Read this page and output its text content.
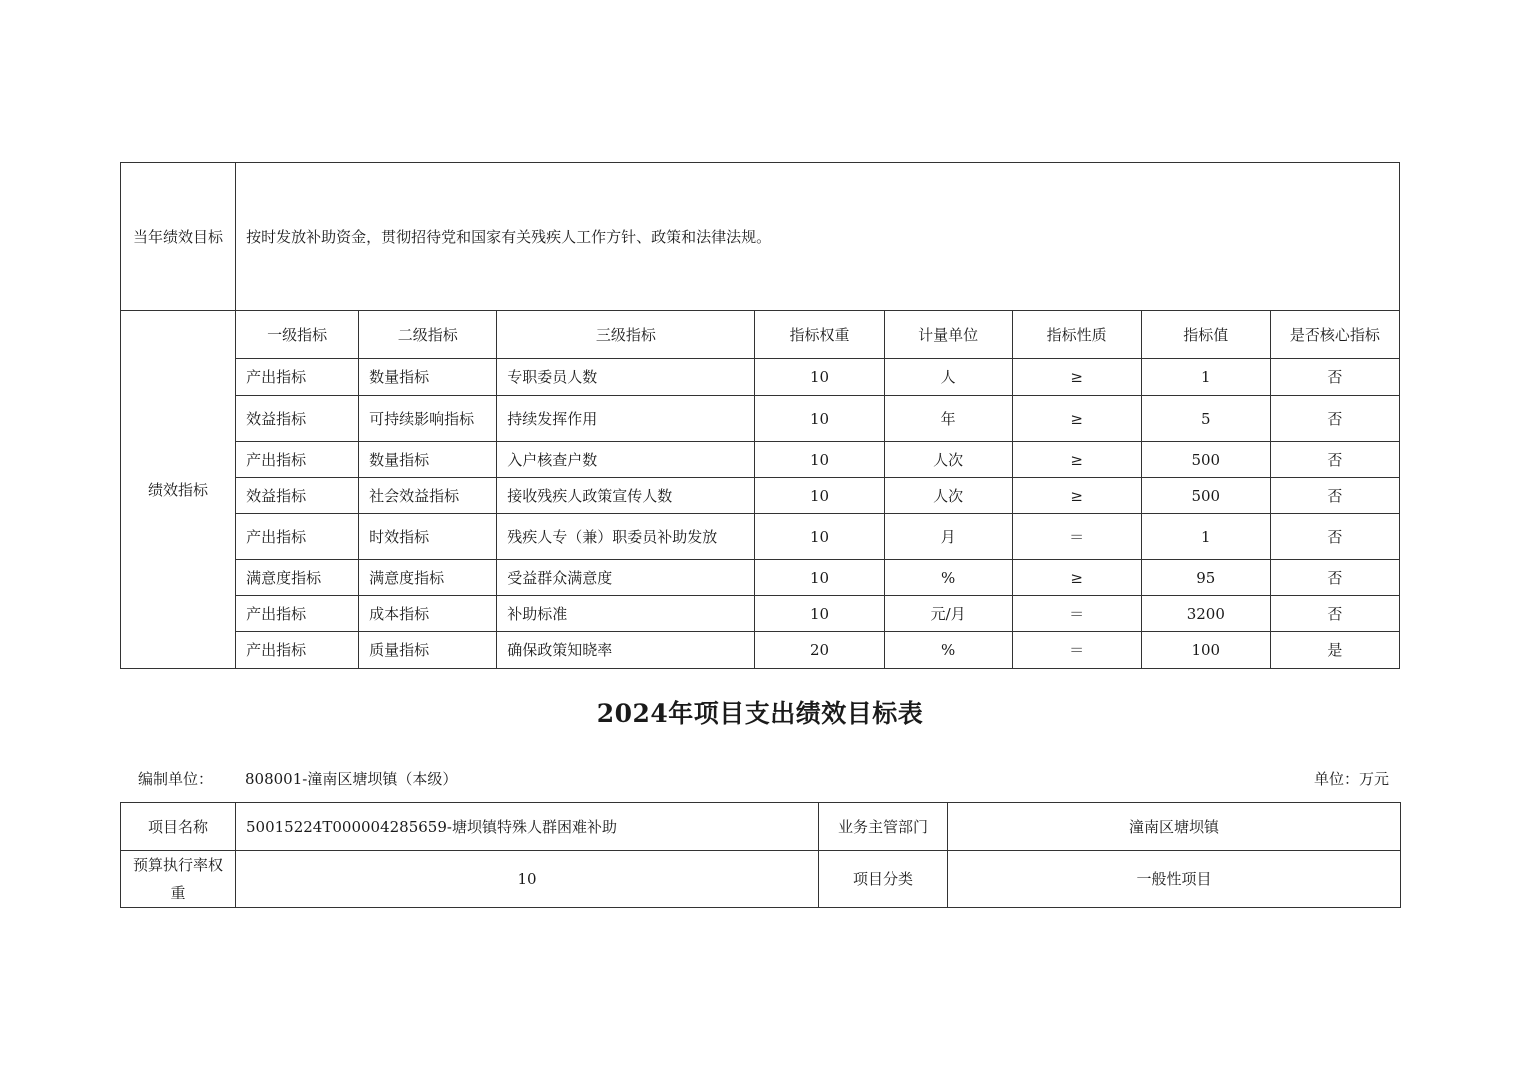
当年绩效目标	按时发放补助资金，贯彻招待党和国家有关残疾人工作方针、政策和法律法规。							
绩效指标	一级指标	二级指标	三级指标	指标权重	计量单位	指标性质	指标值	是否核心指标
	产出指标	数量指标	专职委员人数	10	人	≥	1	否
	效益指标	可持续影响指标	持续发挥作用	10	年	≥	5	否
	产出指标	数量指标	入户核查户数	10	人次	≥	500	否
	效益指标	社会效益指标	接收残疾人政策宣传人数	10	人次	≥	500	否
	产出指标	时效指标	残疾人专（兼）职委员补助发放	10	月	＝	1	否
	满意度指标	满意度指标	受益群众满意度	10	%	≥	95	否
	产出指标	成本指标	补助标准	10	元/月	＝	3200	否
	产出指标	质量指标	确保政策知晓率	20	%	＝	100	是
2024年项目支出绩效目标表
编制单位： 808001-潼南区塘坝镇（本级）	单位：万元
项目名称	50015224T000004285659-塘坝镇特殊人群困难补助	业务主管部门	潼南区塘坝镇
预算执行率权重	10	项目分类	一般性项目
